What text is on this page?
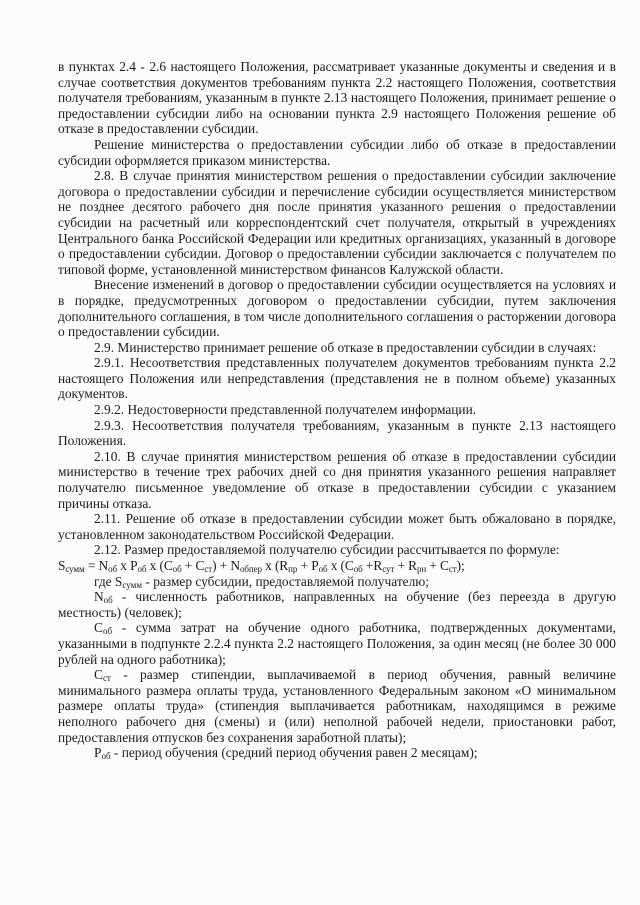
в пунктах 2.4 - 2.6 настоящего Положения, рассматривает указанные документы и сведения и в случае соответствия документов требованиям пункта 2.2 настоящего Положения, соответствия получателя требованиям, указанным в пункте 2.13 настоящего Положения, принимает решение о предоставлении субсидии либо на основании пункта 2.9 настоящего Положения решение об отказе в предоставлении субсидии.

Решение министерства о предоставлении субсидии либо об отказе в предоставлении субсидии оформляется приказом министерства.

2.8. В случае принятия министерством решения о предоставлении субсидии заключение договора о предоставлении субсидии и перечисление субсидии осуществляется министерством не позднее десятого рабочего дня после принятия указанного решения о предоставлении субсидии на расчетный или корреспондентский счет получателя, открытый в учреждениях Центрального банка Российской Федерации или кредитных организациях, указанный в договоре о предоставлении субсидии. Договор о предоставлении субсидии заключается с получателем по типовой форме, установленной министерством финансов Калужской области.

Внесение изменений в договор о предоставлении субсидии осуществляется на условиях и в порядке, предусмотренных договором о предоставлении субсидии, путем заключения дополнительного соглашения, в том числе дополнительного соглашения о расторжении договора о предоставлении субсидии.

2.9. Министерство принимает решение об отказе в предоставлении субсидии в случаях:

2.9.1. Несоответствия представленных получателем документов требованиям пункта 2.2 настоящего Положения или непредставления (представления не в полном объеме) указанных документов.

2.9.2. Недостоверности представленной получателем информации.

2.9.3. Несоответствия получателя требованиям, указанным в пункте 2.13 настоящего Положения.

2.10. В случае принятия министерством решения об отказе в предоставлении субсидии министерство в течение трех рабочих дней со дня принятия указанного решения направляет получателю письменное уведомление об отказе в предоставлении субсидии с указанием причины отказа.

2.11. Решение об отказе в предоставлении субсидии может быть обжаловано в порядке, установленном законодательством Российской Федерации.

2.12. Размер предоставляемой получателю субсидии рассчитывается по формуле:

$S_{сумм} = N_{об}$ x $P_{об}$ x $(C_{об} + C_{ст}) + N_{обпер}$ x ($R_{пр} + P_{об}$ x $(C_{об} +R_{сут} + R_{рн} + C_{ст})$;

где $S_{сумм}$ - размер субсидии, предоставляемой получателю;

$N_{об}$ - численность работников, направленных на обучение (без переезда в другую местность) (человек);

$C_{об}$ - сумма затрат на обучение одного работника, подтвержденных документами, указанными в подпункте 2.2.4 пункта 2.2 настоящего Положения, за один месяц (не более 30 000 рублей на одного работника);

$C_{ст}$ - размер стипендии, выплачиваемой в период обучения, равный величине минимального размера оплаты труда, установленного Федеральным законом «О минимальном размере оплаты труда» (стипендия выплачивается работникам, находящимся в режиме неполного рабочего дня (смены) и (или) неполной рабочей недели, приостановки работ, предоставления отпусков без сохранения заработной платы);

$P_{об}$ - период обучения (средний период обучения равен 2 месяцам);
